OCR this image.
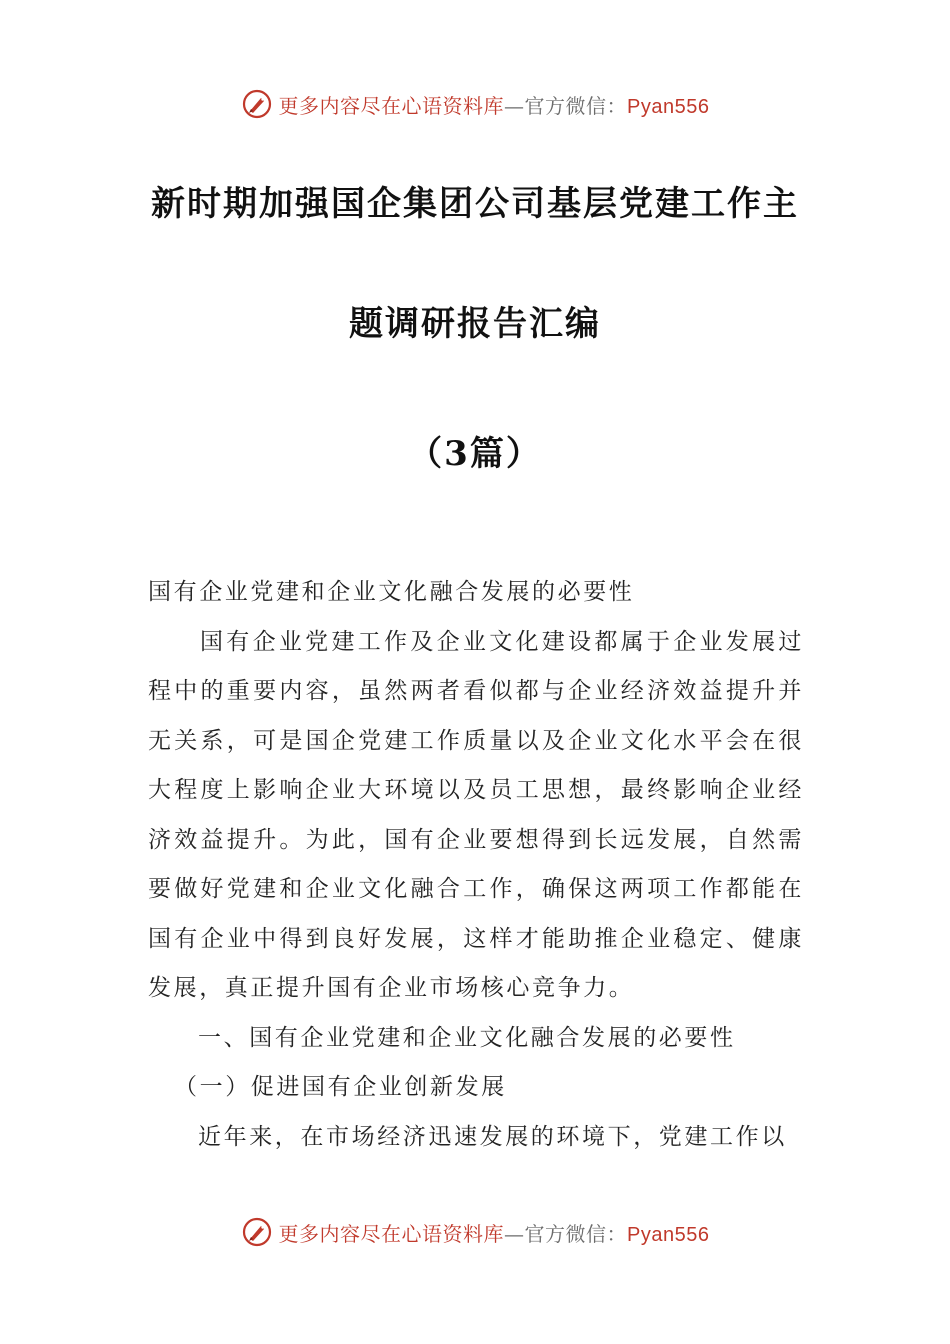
更多内容尽在心语资料库—官方微信：Pyan556
新时期加强国企集团公司基层党建工作主
题调研报告汇编
（3篇）

国有企业党建和企业文化融合发展的必要性

国有企业党建工作及企业文化建设都属于企业发展过程中的重要内容，虽然两者看似都与企业经济效益提升并无关系，可是国企党建工作质量以及企业文化水平会在很大程度上影响企业大环境以及员工思想，最终影响企业经济效益提升。为此，国有企业要想得到长远发展，自然需要做好党建和企业文化融合工作，确保这两项工作都能在国有企业中得到良好发展，这样才能助推企业稳定、健康发展，真正提升国有企业市场核心竞争力。

一、国有企业党建和企业文化融合发展的必要性

（一）促进国有企业创新发展

近年来，在市场经济迅速发展的环境下，党建工作以

更多内容尽在心语资料库—官方微信：Pyan556
